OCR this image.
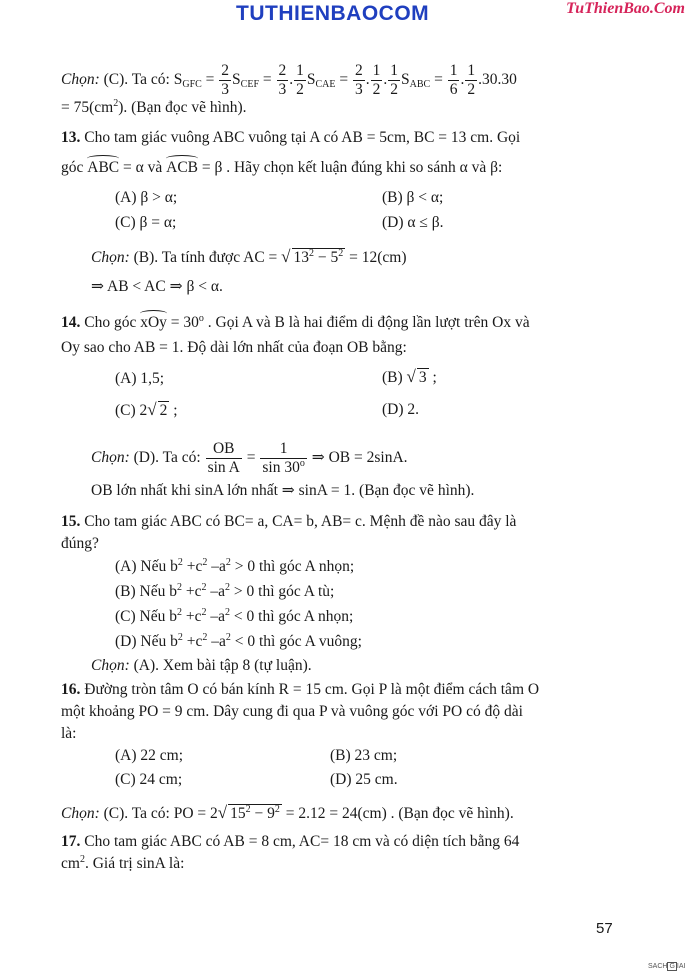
TUTHIENBAOCOM	TuThienBao.Com
Chọn: (C). Ta có: $S_{GFC} = \frac{2}{3} S_{CEF} = \frac{2}{3}$ . $\frac{1}{2} S_{CAE} = \frac{2}{3}$ . $\frac{1}{2}$ . $\frac{1}{2} S_{ABC} = \frac{1}{6}$ . $\frac{1}{2} .30.30$
= $75(cm^2)$. (Bạn đọc vẽ hình).
13. Cho tam giác vuông ABC vuông tại A có AB = 5cm, BC = 13 cm. Gọi
góc ABC = α và ACB = β . Hãy chọn kết luận đúng khi so sánh α và β:
(A) β > α;	(B) β < α;
(C) β = α;	(D) α ≤ β.
Chọn: (B). Ta tính được AC = √ $13^2 - 5^2 = 12(cm)$
⇒ AB < AC ⇒ β < α.
14. Cho góc xOy = $30^o$ . Gọi A và B là hai điểm di động lần lượt trên Ox và
Oy sao cho AB = 1. Độ dài lớn nhất của đoạn OB bằng:
(A) 1,5;	(B) √ 3 ;
(C) 2√ 2 ;	(D) 2.
Chọn: (D). Ta có: $\frac{OB}{\text{sin A}} = \frac{1}{\sin 30^o}$ ⇒ OB = 2sinA.
OB lớn nhất khi sinA lớn nhất ⇒ sinA = 1. (Bạn đọc vẽ hình).
15. Cho tam giác ABC có BC= a, CA= b, AB= c. Mệnh đề nào sau đây là
đúng?
(A) Nếu $b^2 +c^2$ $-a^2 > 0$ thì góc A nhọn;
(B) Nếu $b^2 +c^2$ $-a^2 > 0$ thì góc A tù;
(C) Nếu $b^2 +c^2$ $-a^2 < 0$ thì góc A nhọn;
(D) Nếu $b^2 +c^2$ $-a^2 < 0$ thì góc A vuông;
Chọn: (A). Xem bài tập 8 (tự luận).
16. Đường tròn tâm O có bán kính R = 15 cm. Gọi P là một điểm cách tâm O
một khoảng PO = 9 cm. Dây cung đi qua P và vuông góc với PO có độ dài
là:
(A) 22 cm;	(B) 23 cm;
(C) 24 cm;	(D) 25 cm.
Chọn: (C). Ta có: PO = 2√ $15^2 - 9^2 = 2.12 = 24(cm)$ . (Bạn đọc vẽ hình).
17. Cho tam giác ABC có AB = 8 cm, AC= 18 cm và có diện tích bằng 64
$cm^2$. Giá trị sinA là:
57
SACH G IAI
